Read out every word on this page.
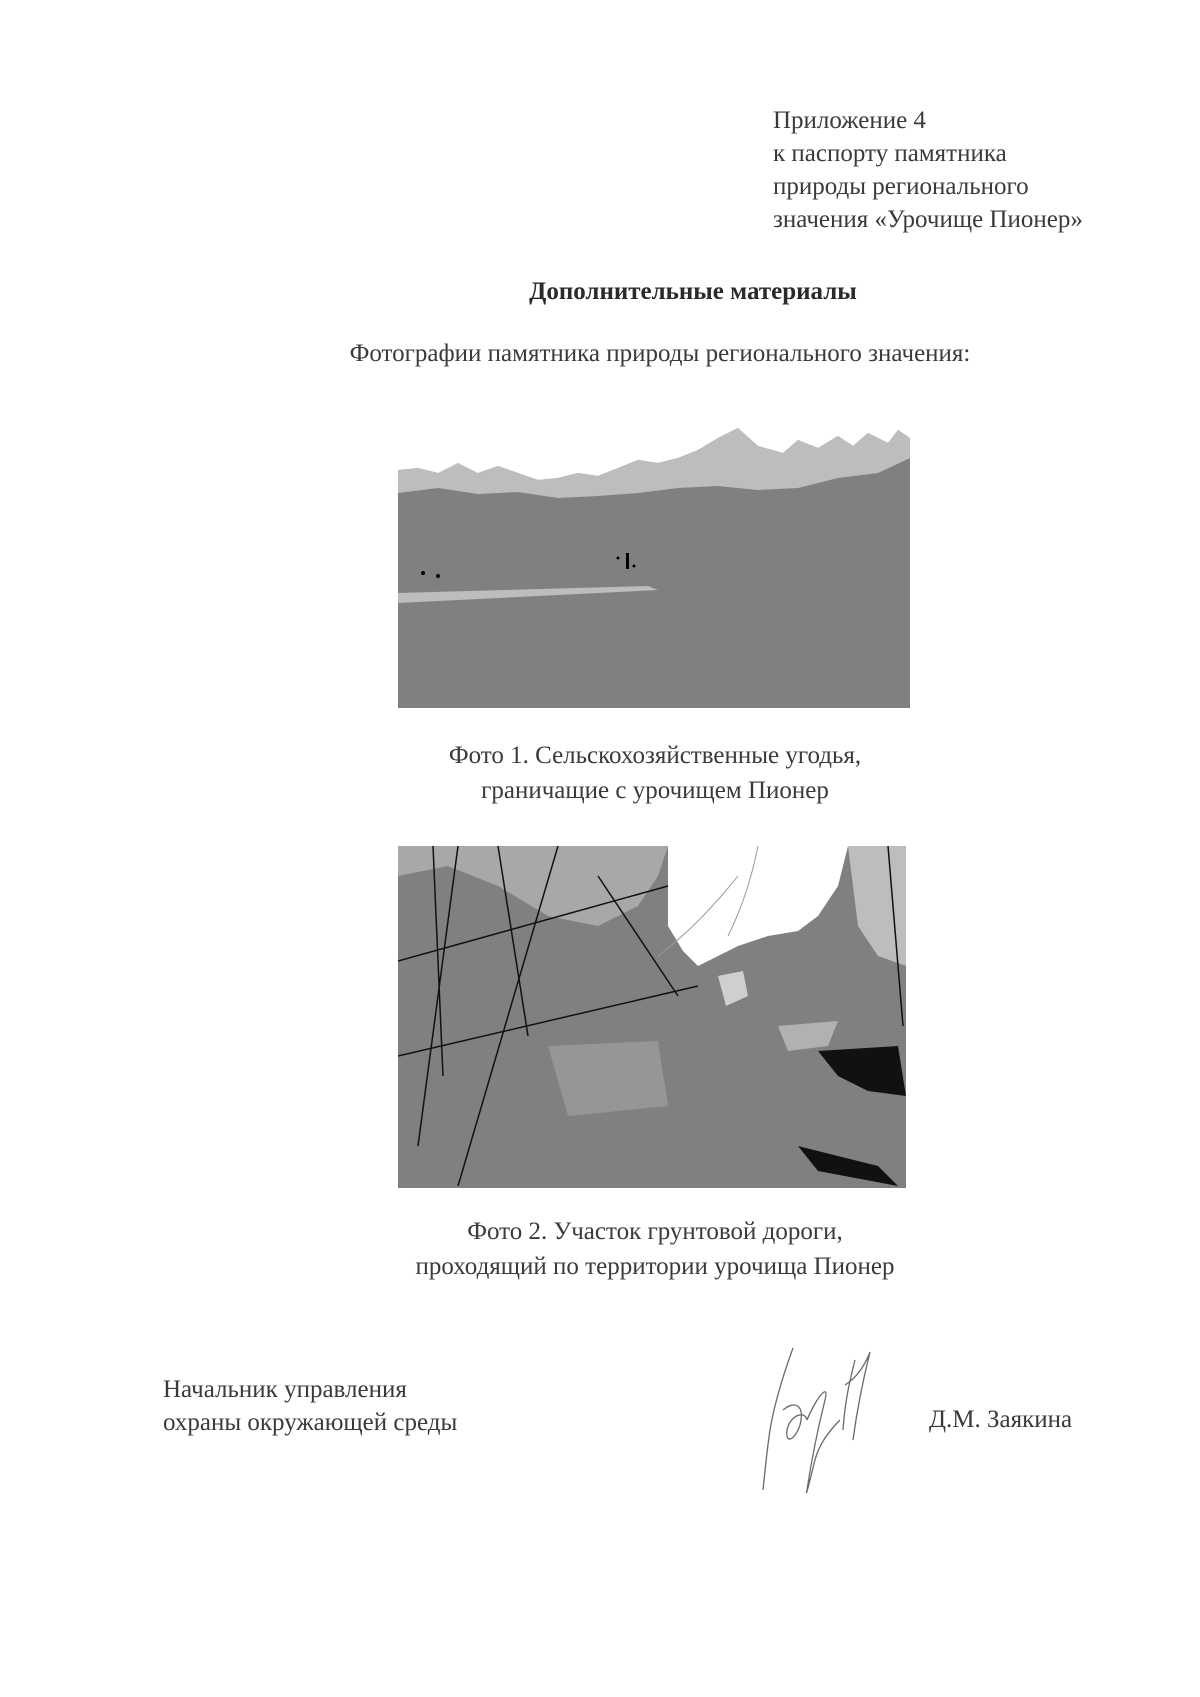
Приложение 4
к паспорту памятника
природы регионального
значения «Урочище Пионер»
Дополнительные материалы
Фотографии памятника природы регионального значения:
Фото 1. Сельскохозяйственные угодья,
граничащие с урочищем Пионер
Фото 2. Участок грунтовой дороги,
проходящий по территории урочища Пионер
Начальник управления
охраны окружающей среды	Д.М. Заякина
